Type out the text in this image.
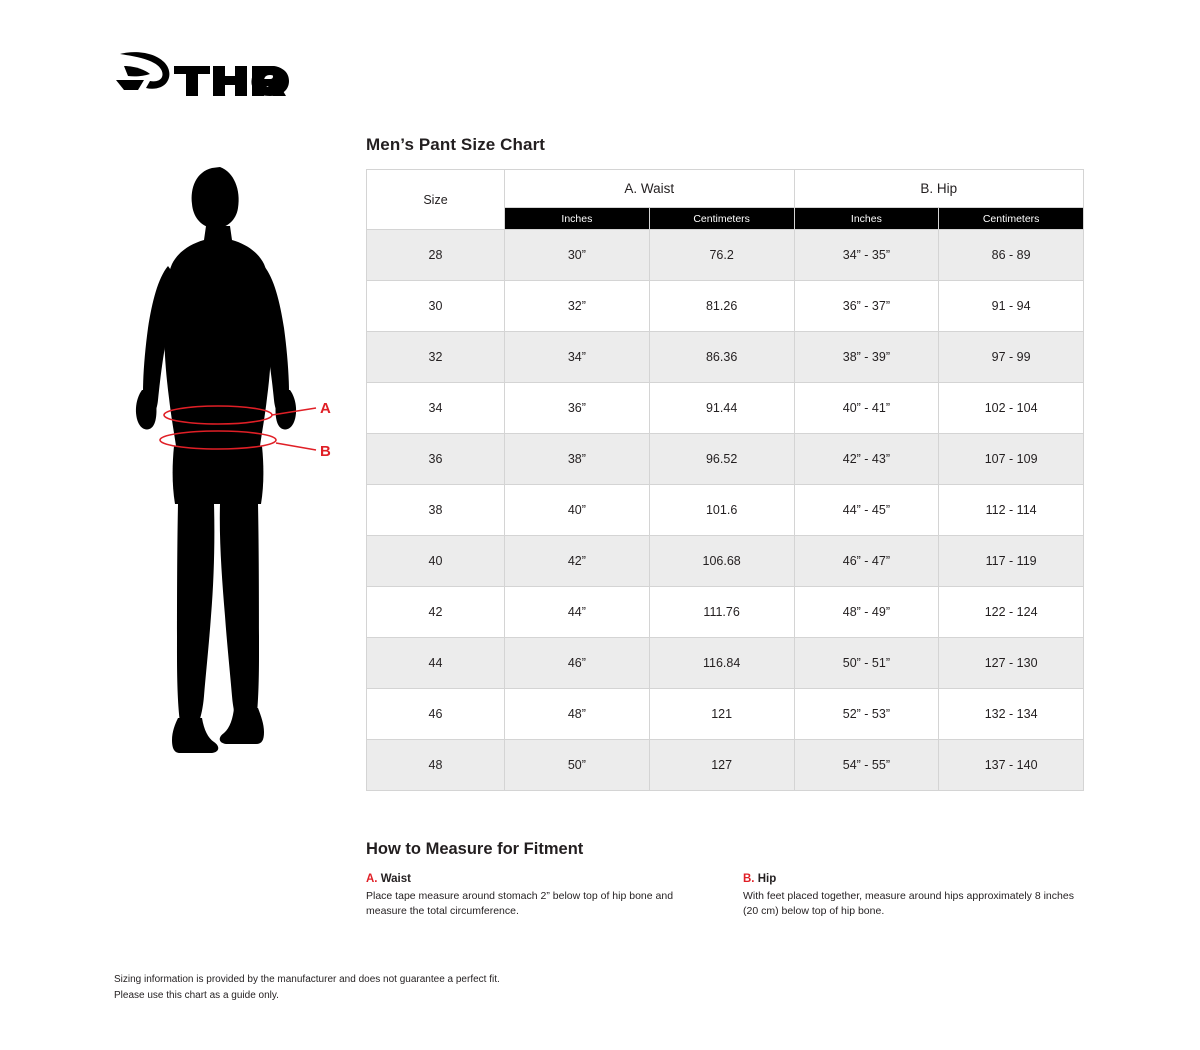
A
B
Men’s Pant Size Chart
Size	A. Waist		B. Hip	
	Inches	Centimeters	Inches	Centimeters
28	30”	76.2	34” - 35”	86 - 89
30	32”	81.26	36” - 37”	91 - 94
32	34”	86.36	38” - 39”	97 - 99
34	36”	91.44	40” - 41”	102 - 104
36	38”	96.52	42” - 43”	107 - 109
38	40”	101.6	44” - 45”	112 - 114
40	42”	106.68	46” - 47”	117 - 119
42	44”	111.76	48” - 49”	122 - 124
44	46”	116.84	50” - 51”	127 - 130
46	48”	121	52” - 53”	132 - 134
48	50”	127	54” - 55”	137 - 140
How to Measure for Fitment
A. Waist
Place tape measure around stomach 2” below top of hip bone and measure the total circumference.
B. Hip
With feet placed together, measure around hips approximately 8 inches (20 cm) below top of hip bone.
Sizing information is provided by the manufacturer and does not guarantee a perfect fit.
Please use this chart as a guide only.
